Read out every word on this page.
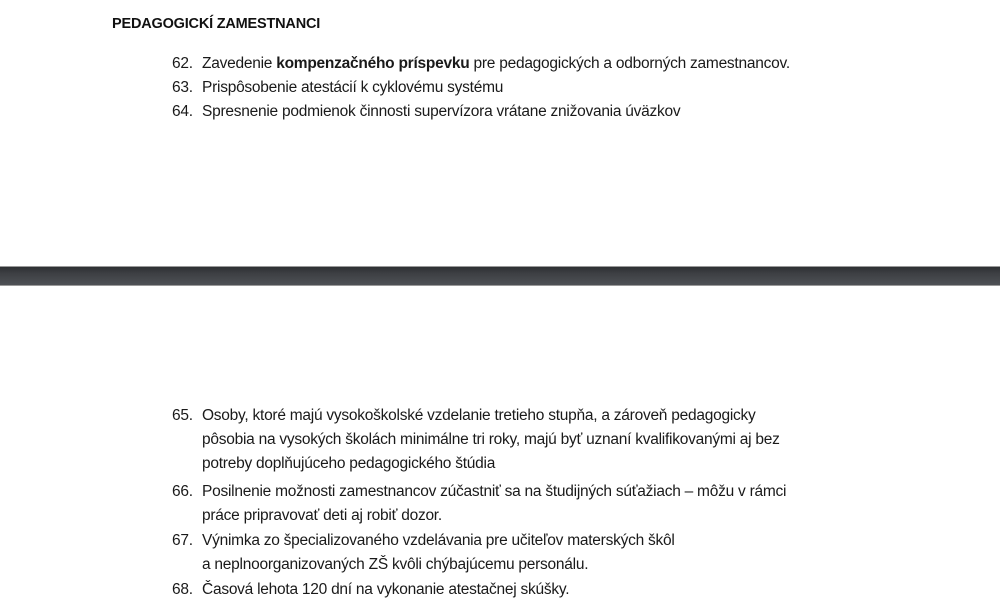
PEDAGOGICKÍ ZAMESTNANCI
62. Zavedenie kompenzačného príspevku pre pedagogických a odborných zamestnancov.
63. Prispôsobenie atestácií k cyklovému systému
64. Spresnenie podmienok činnosti supervízora vrátane znižovania úväzkov
65. Osoby, ktoré majú vysokoškolské vzdelanie tretieho stupňa, a zároveň pedagogicky
pôsobia na vysokých školách minimálne tri roky, majú byť uznaní kvalifikovanými aj bez
potreby doplňujúceho pedagogického štúdia
66. Posilnenie možnosti zamestnancov zúčastniť sa na študijných súťažiach – môžu v rámci
práce pripravovať deti aj robiť dozor.
67. Výnimka zo špecializovaného vzdelávania pre učiteľov materských škôl
a neplnoorganizovaných ZŠ kvôli chýbajúcemu personálu.
68. Časová lehota 120 dní na vykonanie atestačnej skúšky.
